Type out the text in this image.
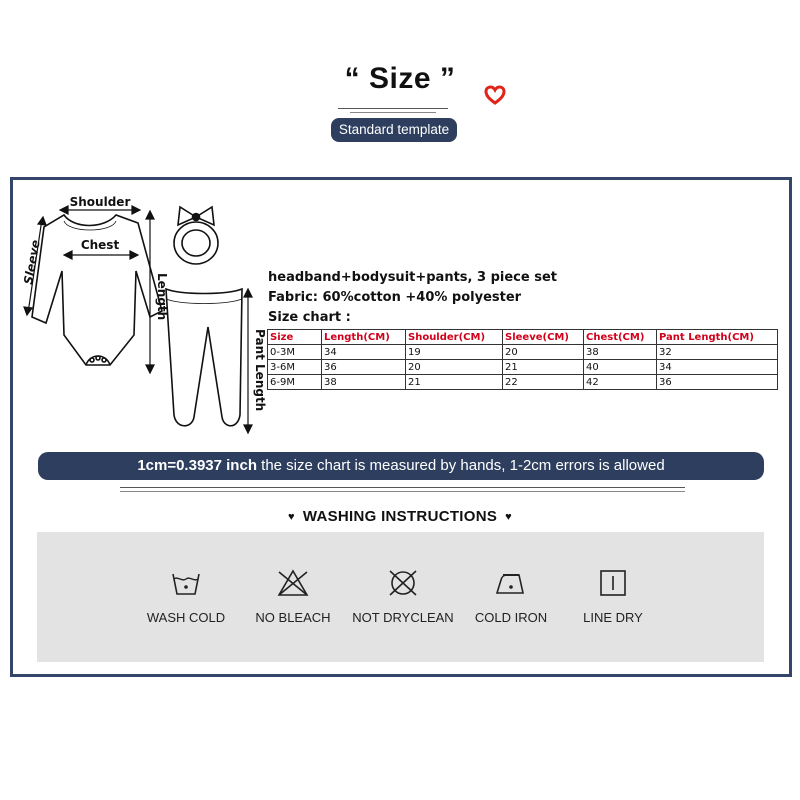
“ Size ”
Standard template
Shoulder
Chest
Sleeve
Length
Pant Length
headband+bodysuit+pants, 3 piece set
Fabric: 60%cotton +40% polyester
Size chart :
Size	Length(CM)	Shoulder(CM)	Sleeve(CM)	Chest(CM)	Pant Length(CM)
0-3M	34	19	20	38	32
3-6M	36	20	21	40	34
6-9M	38	21	22	42	36
1cm=0.3937 inch the size chart is measured by hands, 1-2cm errors is allowed
♥ WASHING INSTRUCTIONS ♥
WASH COLD	NO BLEACH	NOT DRYCLEAN	COLD IRON	LINE DRY
